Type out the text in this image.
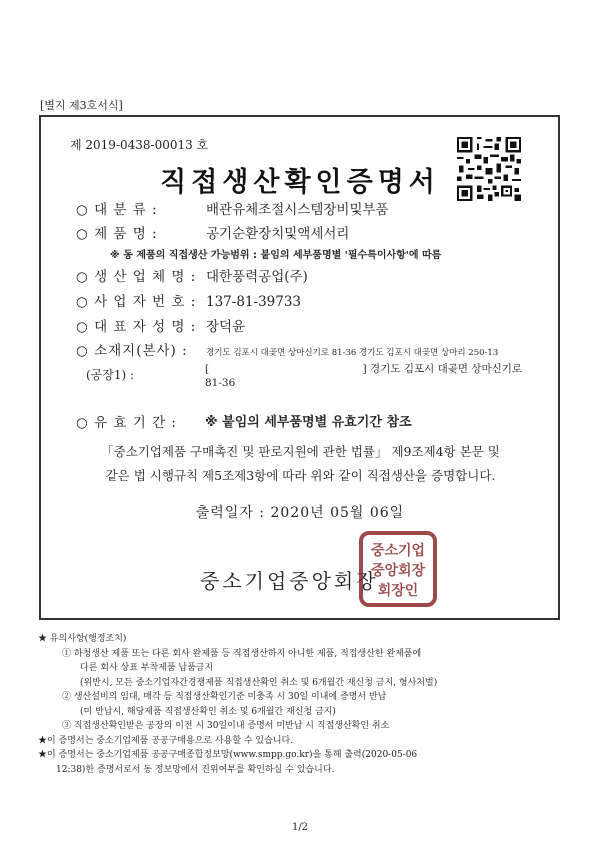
[별지 제3호서식]
제 2019-0438-00013 호
직접생산확인증명서
○ 대 분 류 :	배관유체조절시스템장비및부품
○ 제 품 명 :	공기순환장치및액세서리
※ 동 제품의 직접생산 가능범위 : 붙임의 세부품명별 '필수특이사항'에 따름
○ 생 산 업 체 명 : 대한풍력공업(주)
○ 사 업 자 번 호 : 137-81-39733
○ 대 표 자 성 명 : 장덕윤
○ 소재지(본사) : 경기도 김포시 대곶면 상마신기로 81-36 경기도 김포시 대곶면 상마리 250-13
(공장1) :	[                                              ] 경기도 김포시 대곶면 상마신기로
81-36
○ 유 효 기 간 : ※ 붙임의 세부품명별 유효기간 참조
「중소기업제품 구매촉진 및 판로지원에 관한 법률」 제9조제4항 본문 및
같은 법 시행규칙 제5조제3항에 따라 위와 같이 직접생산을 증명합니다.
출력일자 : 2020년 05월 06일
중소기업중앙회장
중소기업
중앙회장
회장인
★ 유의사항(행정조치)
① 하청생산 제품 또는 다른 회사 완제품 등 직접생산하지 아니한 제품, 직접생산한 완제품에
다른 회사 상표 부착제품 납품금지
(위반시, 모든 중소기업자간경쟁제품 직접생산확인 취소 및 6개월간 재신청 금지, 형사처벌)
② 생산설비의 임대, 매각 등 직접생산확인기준 미충족 시 30일 이내에 증명서 반납
(미 반납시, 해당제품 직접생산확인 취소 및 6개월간 재신청 금지)
③ 직접생산확인받은 공장의 이전 시 30일이내 증명서 미반납 시 직접생산확인 취소
★이 증명서는 중소기업제품 공공구매용으로 사용할 수 있습니다.
★이 증명서는 중소기업제품 공공구매종합정보망(www.smpp.go.kr)을 통해 출력(2020-05-06
12:38)한 증명서로서 동 정보망에서 진위여부를 확인하실 수 있습니다.
1/2
